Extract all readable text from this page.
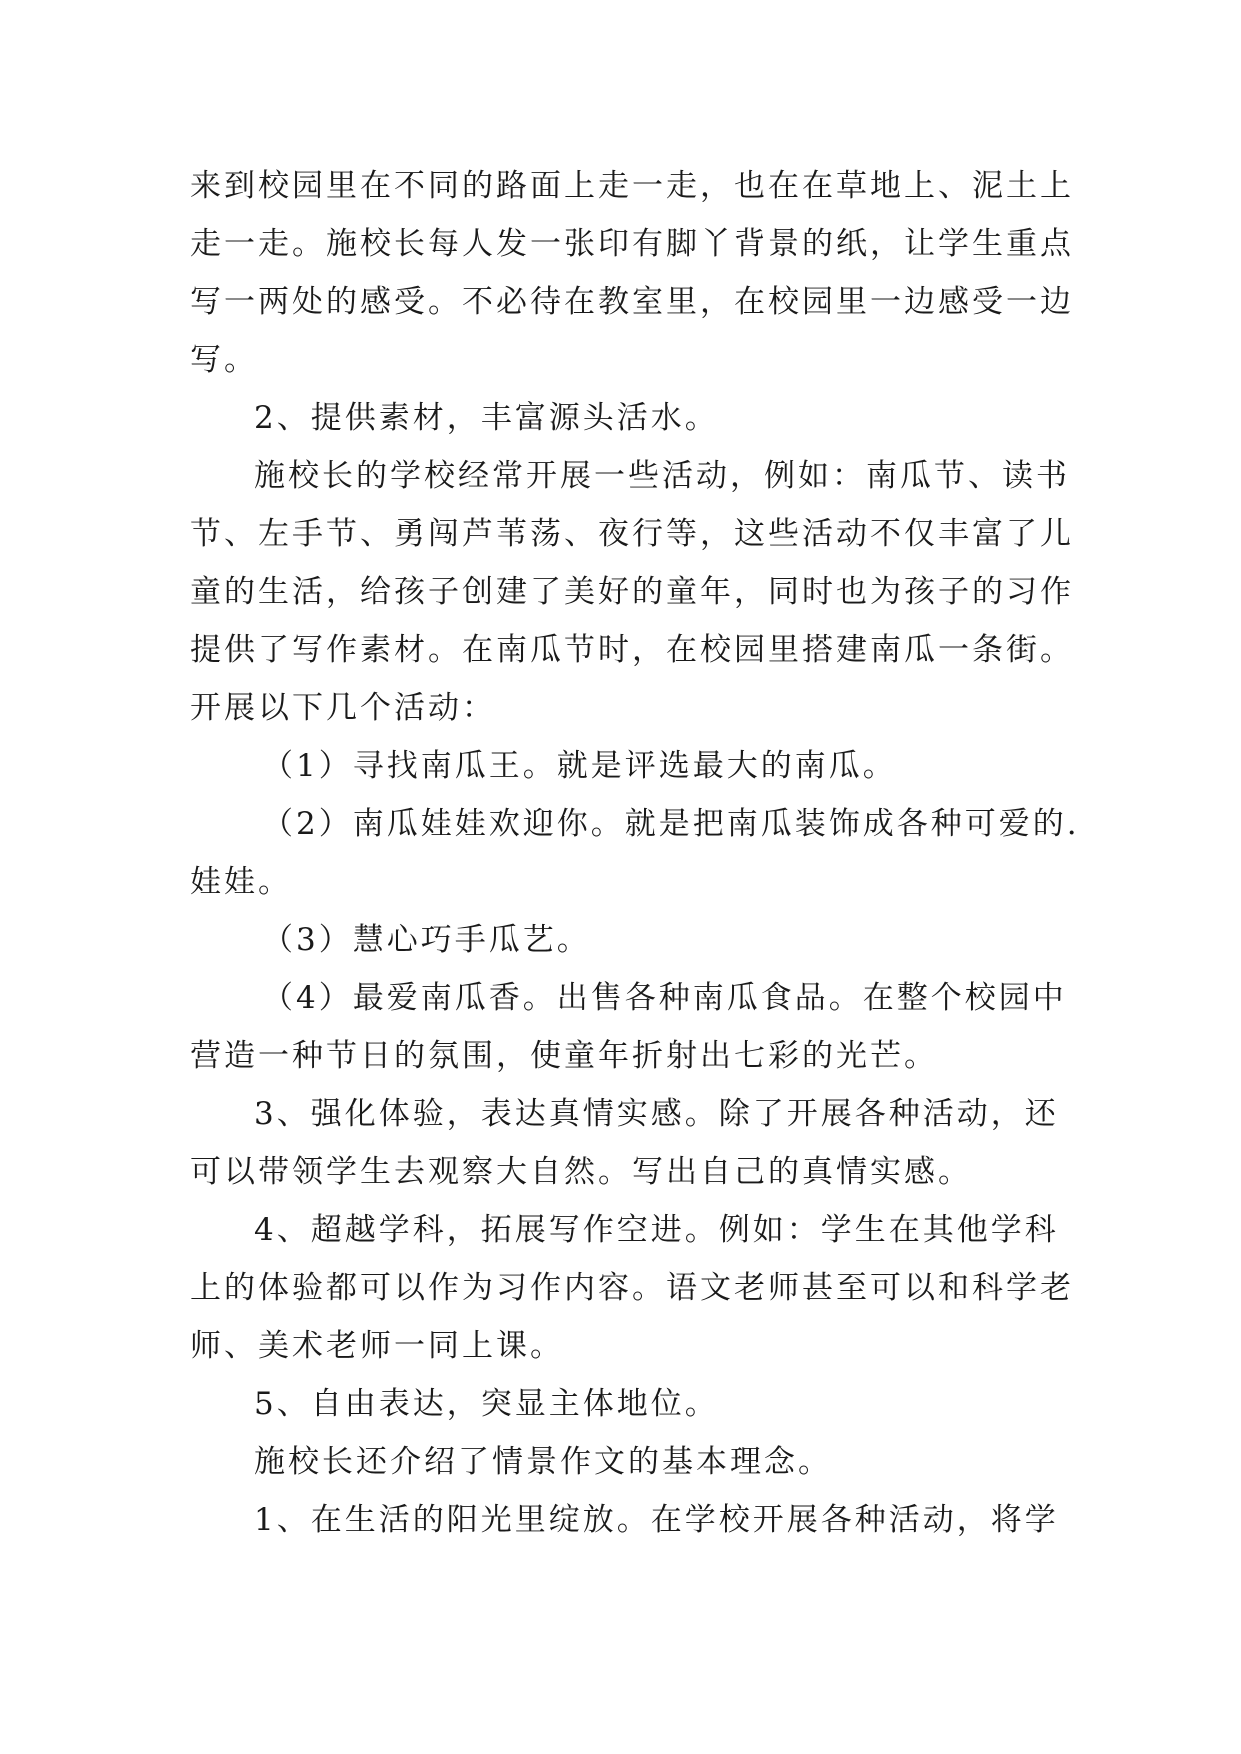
来到校园里在不同的路面上走一走，也在在草地上、泥土上
走一走。施校长每人发一张印有脚丫背景的纸，让学生重点
写一两处的感受。不必待在教室里，在校园里一边感受一边
写。
2、提供素材，丰富源头活水。
施校长的学校经常开展一些活动，例如：南瓜节、读书
节、左手节、勇闯芦苇荡、夜行等，这些活动不仅丰富了儿
童的生活，给孩子创建了美好的童年，同时也为孩子的习作
提供了写作素材。在南瓜节时，在校园里搭建南瓜一条街。
开展以下几个活动：
（1）寻找南瓜王。就是评选最大的南瓜。
（2）南瓜娃娃欢迎你。就是把南瓜装饰成各种可爱的.
娃娃。
（3）慧心巧手瓜艺。
（4）最爱南瓜香。出售各种南瓜食品。在整个校园中
营造一种节日的氛围，使童年折射出七彩的光芒。
3、强化体验，表达真情实感。除了开展各种活动，还
可以带领学生去观察大自然。写出自己的真情实感。
4、超越学科，拓展写作空进。例如：学生在其他学科
上的体验都可以作为习作内容。语文老师甚至可以和科学老
师、美术老师一同上课。
5、自由表达，突显主体地位。
施校长还介绍了情景作文的基本理念。
1、在生活的阳光里绽放。在学校开展各种活动，将学
